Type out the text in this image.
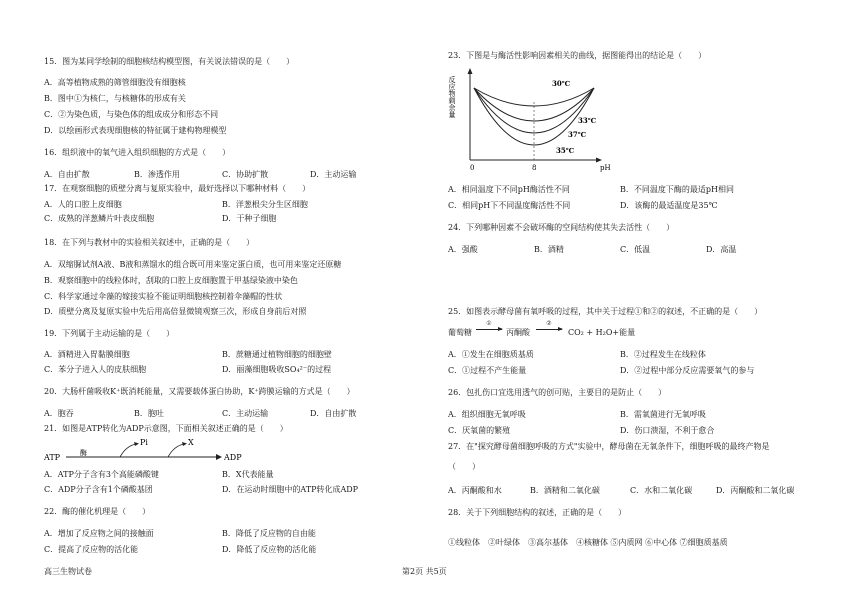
15．图为某同学绘制的细胞核结构模型图，有关说法错误的是（　　）
A．高等植物成熟的筛管细胞没有细胞核
B．图中①为核仁，与核糖体的形成有关
C．②为染色质，与染色体的组成成分和形态不同
D．以绘画形式表现细胞核的特征属于建构物理模型
16．组织液中的氧气进入组织细胞的方式是（　　）
A．自由扩散	B．渗透作用	C．协助扩散	D．主动运输
17．在观察细胞的质壁分离与复原实验中，最好选择以下哪种材料（　　）
A．人的口腔上皮细胞	B．洋葱根尖分生区细胞
C．成熟的洋葱鳞片叶表皮细胞	D．干种子细胞
18．在下列与教材中的实验相关叙述中，正确的是（　　）
A．双缩脲试剂A液、B液和蒸馏水的组合既可用来鉴定蛋白质，也可用来鉴定还原糖
B．观察细胞中的线粒体时，刮取的口腔上皮细胞置于甲基绿染液中染色
C．科学家通过伞藻的嫁接实验不能证明细胞核控制着伞藻帽的性状
D．质壁分离及复原实验中先后用高倍显微镜观察三次，形成自身前后对照
19．下列属于主动运输的是（　　）
A．酒精进入胃黏膜细胞	B．蔗糖通过植物细胞的细胞壁
C．苯分子进入人的皮肤细胞	D．丽藻细胞吸收SO₄²⁻的过程
20．大肠杆菌吸收K⁺既消耗能量，又需要载体蛋白协助，K⁺跨膜运输的方式是（　　）
A．胞吞	B．胞吐	C．主动运输	D．自由扩散
21．如图是ATP转化为ADP示意图，下面相关叙述正确的是（　　）
ATP	酶
Pi	X
ADP
A．ATP分子含有3个高能磷酸键	B．X代表能量
C．ADP分子含有1个磷酸基团	D．在运动时细胞中的ATP转化成ADP
22．酶的催化机理是（　　）
A．增加了反应物之间的接触面	B．降低了反应物的自由能
C．提高了反应物的活化能	D．降低了反应物的活化能
高三生物试卷	第2页 共5页
23．下图是与酶活性影响因素相关的曲线，据图能得出的结论是（　　）
反应物剩余量
0	8	pH
30℃
33℃
37℃
35℃
A．相同温度下不同pH酶活性不同	B．不同温度下酶的最适pH相同
C．相同pH下不同温度酶活性不同	D．该酶的最适温度是35℃
24．下列哪种因素不会破坏酶的空间结构使其失去活性（　　）
A．强酸	B．酒精	C．低温	D．高温
25．如图表示酵母菌有氧呼吸的过程，其中关于过程①和②的叙述，不正确的是（　　）
葡萄糖
①
丙酮酸
②
CO₂ + H₂O+能量
A．①发生在细胞质基质	B．②过程发生在线粒体
C．①过程不产生能量	D．②过程中部分反应需要氧气的参与
26．包扎伤口宜选用透气的创可贴，主要目的是防止（　　）
A．组织细胞无氧呼吸	B．需氧菌进行无氧呼吸
C．厌氧菌的繁殖	D．伤口溃湿，不利于愈合
27．在"探究酵母菌细胞呼吸的方式"实验中，酵母菌在无氧条件下，细胞呼吸的最终产物是
（　　）
A．丙酮酸和水	B．酒精和二氧化碳	C．水和二氧化碳	D．丙酮酸和二氧化碳
28．关于下列细胞结构的叙述，正确的是（　　）
①线粒体　②叶绿体　③高尔基体　④核糖体 ⑤内质网 ⑥中心体 ⑦细胞质基质
